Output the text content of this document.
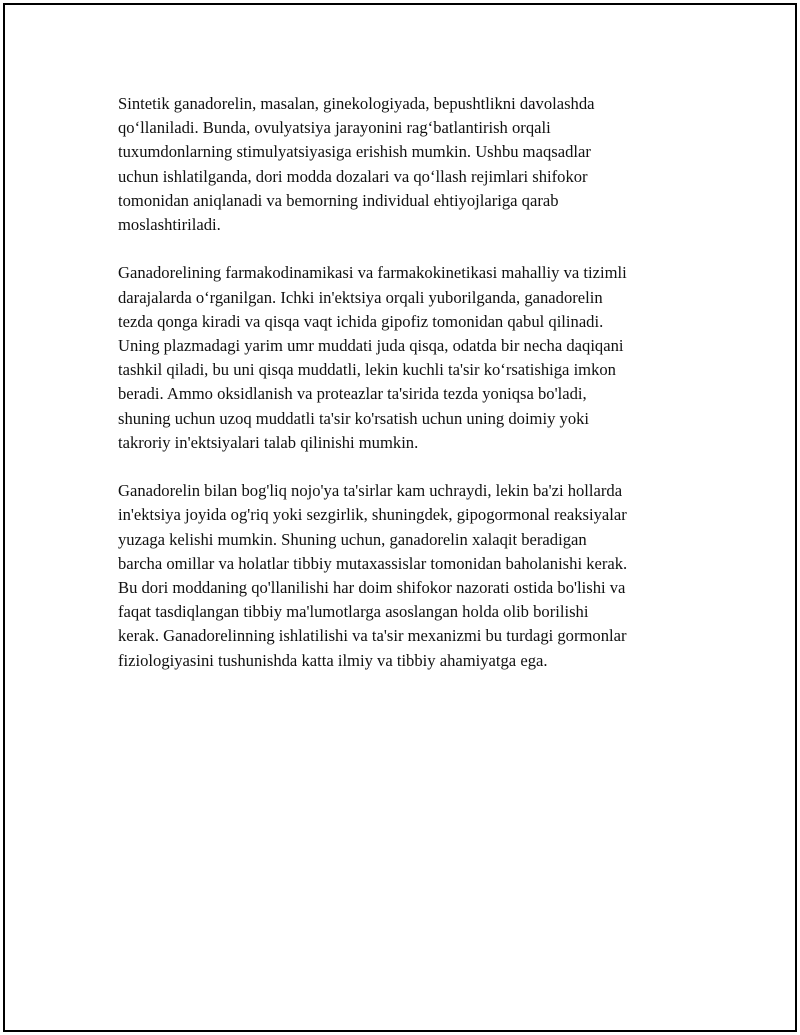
Sintetik ganadorelin, masalan, ginekologiyada, bepushtlikni davolashda
qo‘llaniladi. Bunda, ovulyatsiya jarayonini rag‘batlantirish orqali
tuxumdonlarning stimulyatsiyasiga erishish mumkin. Ushbu maqsadlar
uchun ishlatilganda, dori modda dozalari va qo‘llash rejimlari shifokor
tomonidan aniqlanadi va bemorning individual ehtiyojlariga qarab
moslashtiriladi.

Ganadorelining farmakodinamikasi va farmakokinetikasi mahalliy va tizimli
darajalarda o‘rganilgan. Ichki in'ektsiya orqali yuborilganda, ganadorelin
tezda qonga kiradi va qisqa vaqt ichida gipofiz tomonidan qabul qilinadi.
Uning plazmadagi yarim umr muddati juda qisqa, odatda bir necha daqiqani
tashkil qiladi, bu uni qisqa muddatli, lekin kuchli ta'sir ko‘rsatishiga imkon
beradi. Ammo oksidlanish va proteazlar ta'sirida tezda yoniqsa bo'ladi,
shuning uchun uzoq muddatli ta'sir ko'rsatish uchun uning doimiy yoki
takroriy in'ektsiyalari talab qilinishi mumkin.

Ganadorelin bilan bog'liq nojo'ya ta'sirlar kam uchraydi, lekin ba'zi hollarda
in'ektsiya joyida og'riq yoki sezgirlik, shuningdek, gipogormonal reaksiyalar
yuzaga kelishi mumkin. Shuning uchun, ganadorelin xalaqit beradigan
barcha omillar va holatlar tibbiy mutaxassislar tomonidan baholanishi kerak.
Bu dori moddaning qo'llanilishi har doim shifokor nazorati ostida bo'lishi va
faqat tasdiqlangan tibbiy ma'lumotlarga asoslangan holda olib borilishi
kerak. Ganadorelinning ishlatilishi va ta'sir mexanizmi bu turdagi gormonlar
fiziologiyasini tushunishda katta ilmiy va tibbiy ahamiyatga ega.
